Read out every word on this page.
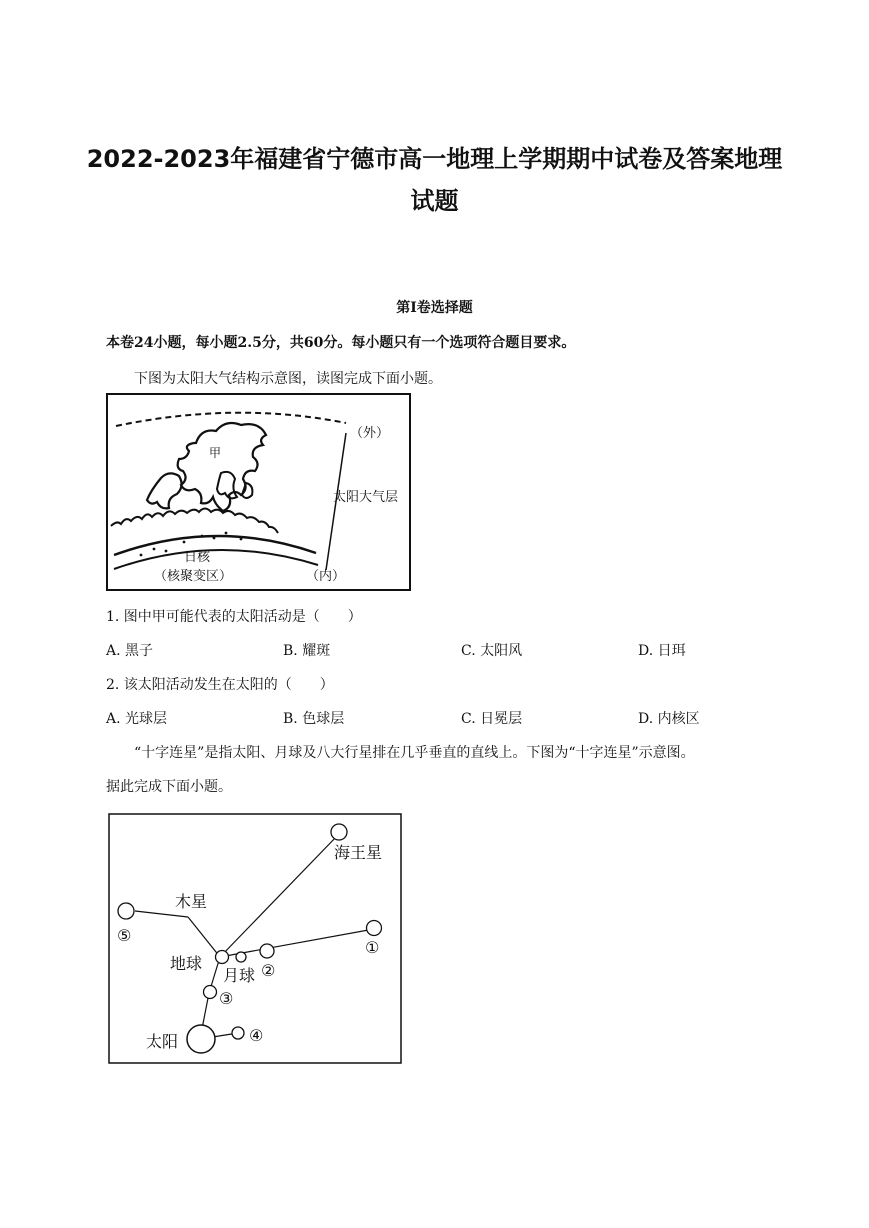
2022-2023年福建省宁德市高一地理上学期期中试卷及答案地理
试题
第Ⅰ卷选择题
本卷24小题，每小题2.5分，共60分。每小题只有一个选项符合题目要求。
下图为太阳大气结构示意图，读图完成下面小题。
甲
（外）
太阳大气层
日核
（核聚变区）	（内）
1. 图中甲可能代表的太阳活动是（　　）
A. 黑子	B. 耀斑	C. 太阳风	D. 日珥
2. 该太阳活动发生在太阳的（　　）
A. 光球层	B. 色球层	C. 日冕层	D. 内核区
“十字连星”是指太阳、月球及八大行星排在几乎垂直的直线上。下图为“十字连星”示意图。
据此完成下面小题。
海王星
木星
地球
月球
太阳
①
②
③
④
⑤
